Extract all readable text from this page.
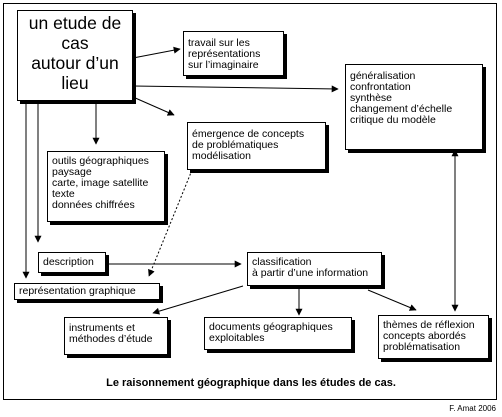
un etude de
cas
autour d’un
lieu
travail sur les
représentations
sur l’imaginaire
généralisation
confrontation
synthèse
changement d’échelle
critique du modèle
émergence de concepts
de problématiques
modélisation
outils géographiques
paysage
carte, image satellite
texte
données chiffrées
description	classification
à partir d’une information
représentation graphique
instruments et
méthodes d’étude
documents géographiques
exploitables
thèmes de réflexion
concepts abordés
problématisation
Le raisonnement géographique dans les études de cas.
F. Amat 2006
